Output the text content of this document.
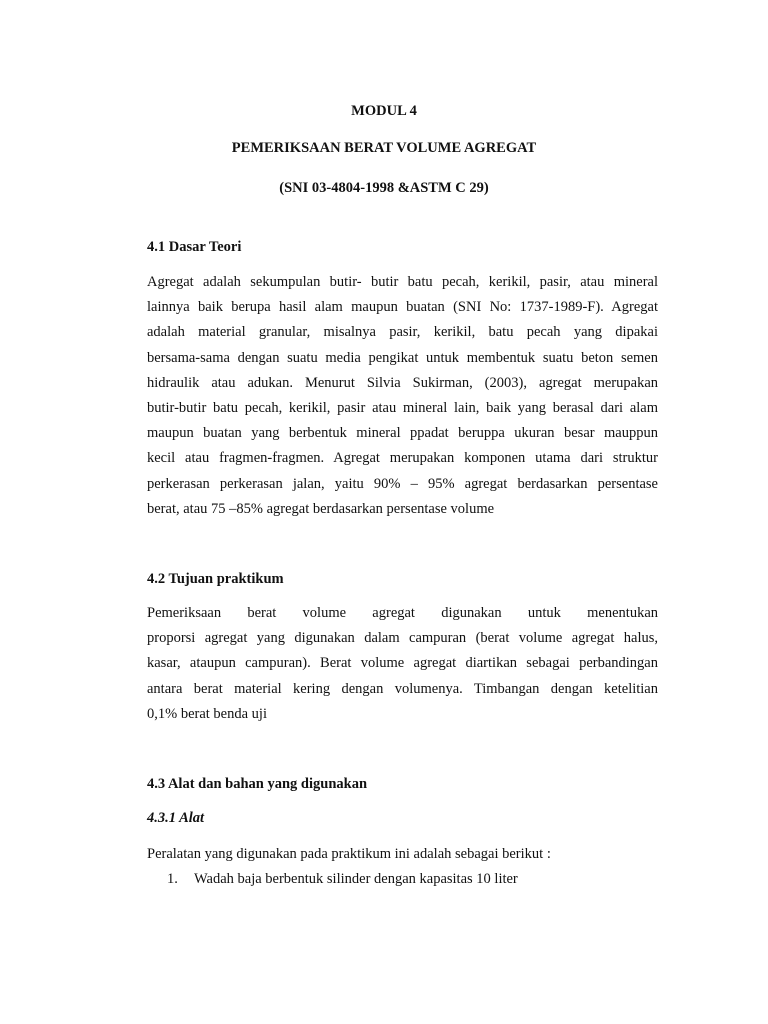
MODUL 4

PEMERIKSAAN BERAT VOLUME AGREGAT

(SNI 03-4804-1998 &ASTM C 29)

4.1 Dasar Teori

Agregat adalah sekumpulan butir- butir batu pecah, kerikil, pasir, atau mineral
lainnya baik berupa hasil alam maupun buatan (SNI No: 1737-1989-F). Agregat
adalah material granular, misalnya pasir, kerikil, batu pecah yang dipakai
bersama-sama dengan suatu media pengikat untuk membentuk suatu beton semen
hidraulik atau adukan. Menurut Silvia Sukirman, (2003), agregat merupakan
butir-butir batu pecah, kerikil, pasir atau mineral lain, baik yang berasal dari alam
maupun buatan yang berbentuk mineral ppadat beruppa ukuran besar mauppun
kecil atau fragmen-fragmen. Agregat merupakan komponen utama dari struktur
perkerasan perkerasan jalan, yaitu 90% – 95% agregat berdasarkan persentase
berat, atau 75 –85% agregat berdasarkan persentase volume

4.2 Tujuan praktikum

Pemeriksaan berat volume agregat digunakan untuk menentukan
proporsi agregat yang digunakan dalam campuran (berat volume agregat halus,
kasar, ataupun campuran). Berat volume agregat diartikan sebagai perbandingan
antara berat material kering dengan volumenya. Timbangan dengan ketelitian
0,1% berat benda uji

4.3 Alat dan bahan yang digunakan

4.3.1 Alat

Peralatan yang digunakan pada praktikum ini adalah sebagai berikut :

1. Wadah baja berbentuk silinder dengan kapasitas 10 liter
